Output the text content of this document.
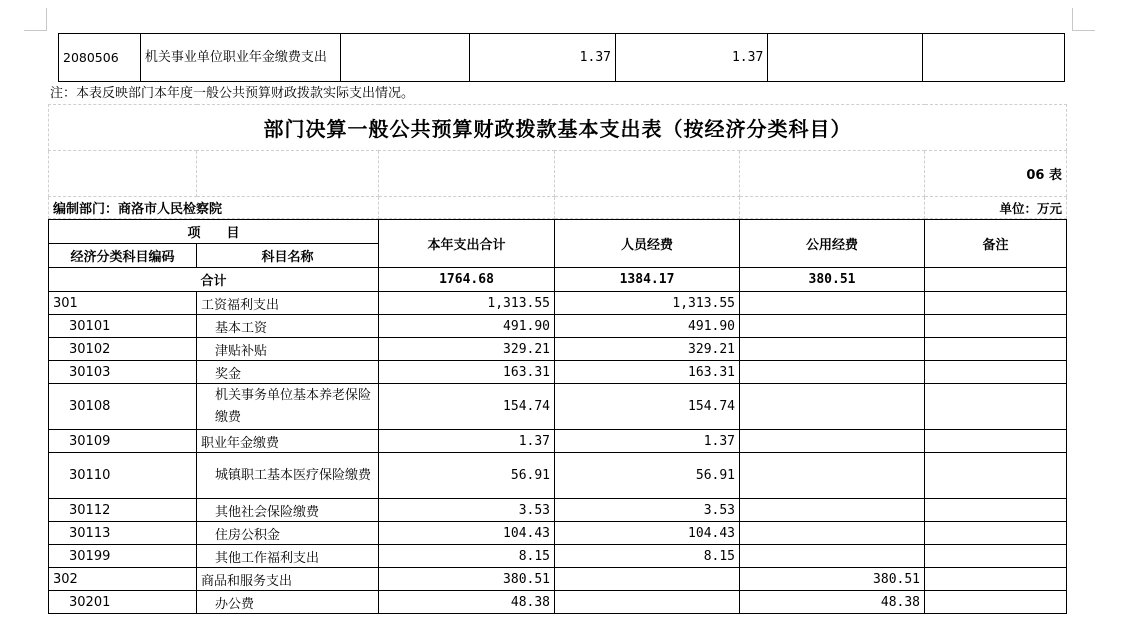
2080506	机关事业单位职业年金缴费支出		1.37	1.37		
注：本表反映部门本年度一般公共预算财政拨款实际支出情况。
部门决算一般公共预算财政拨款基本支出表（按经济分类科目）					
					06 表
编制部门：商洛市人民检察院					单位：万元
项　　目		本年支出合计	人员经费	公用经费	备注
经济分类科目编码	科目名称				
合计		1764.68	1384.17	380.51	
301	工资福利支出	1,313.55	1,313.55		
30101	基本工资	491.90	491.90		
30102	津贴补贴	329.21	329.21		
30103	奖金	163.31	163.31		
30108	机关事务单位基本养老保险缴费	154.74	154.74		
30109	职业年金缴费	1.37	1.37		
30110	城镇职工基本医疗保险缴费	56.91	56.91		
30112	其他社会保险缴费	3.53	3.53		
30113	住房公积金	104.43	104.43		
30199	其他工作福利支出	8.15	8.15		
302	商品和服务支出	380.51		380.51	
30201	办公费	48.38		48.38	
